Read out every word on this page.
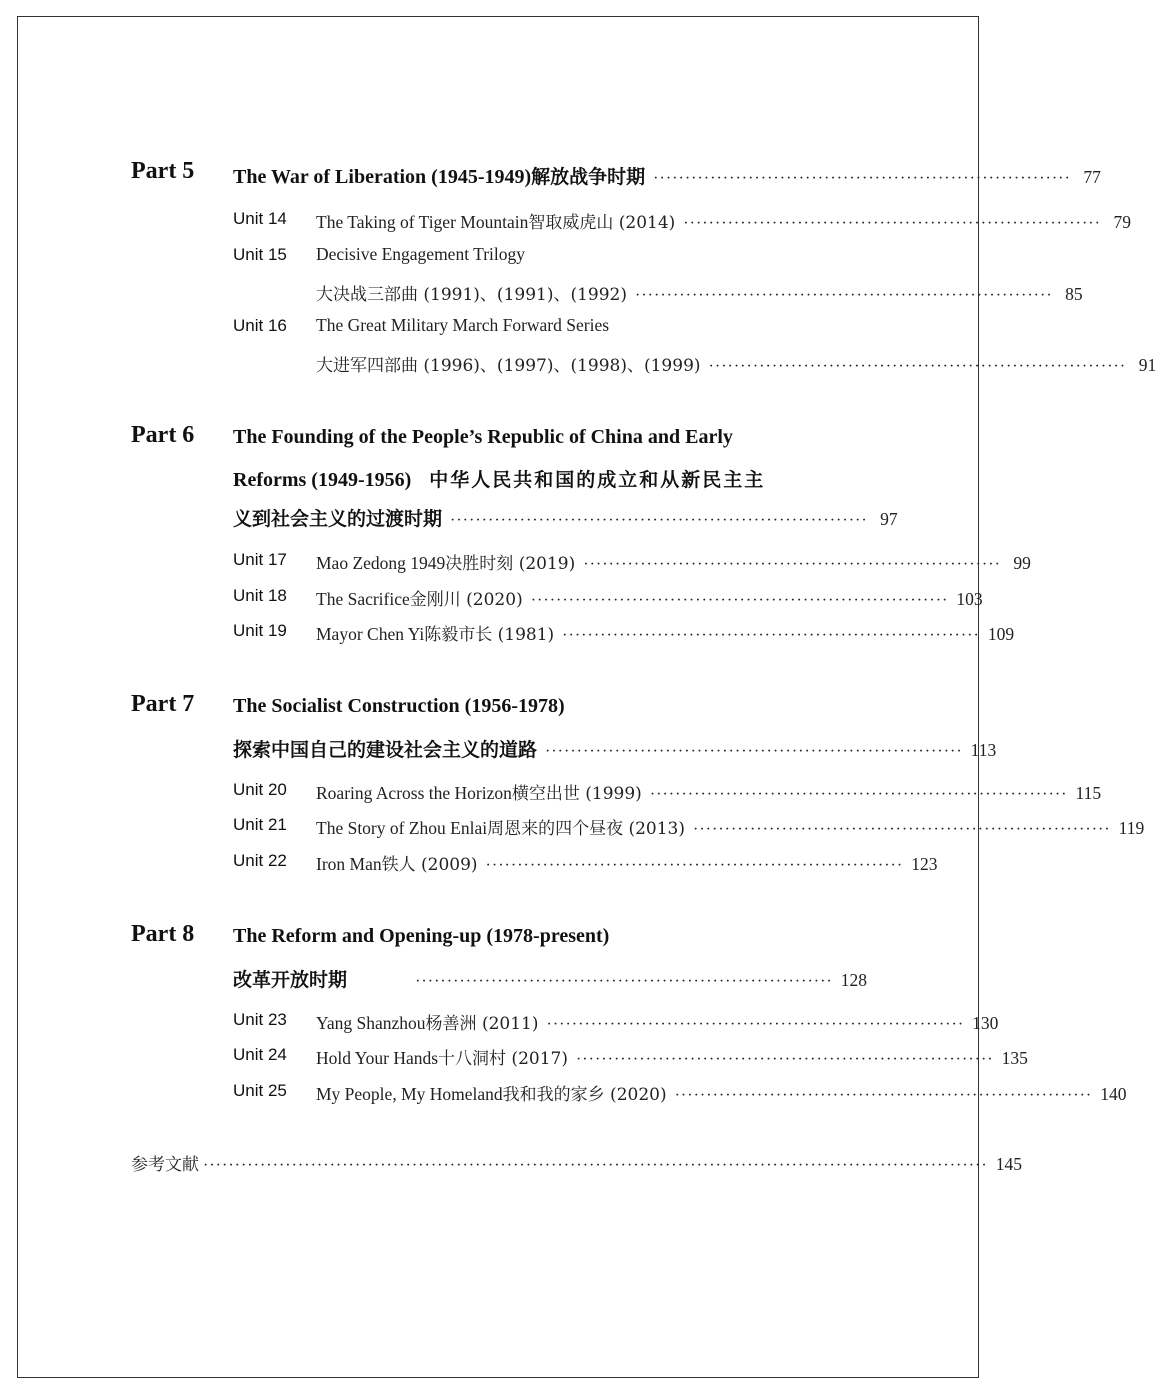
Part 5 The War of Liberation (1945-1949) 解放战争时期 ·································································· 77
Unit 14 The Taking of Tiger Mountain 智取威虎山 (2014) ·································································· 79
Unit 15 Decisive Engagement Trilogy
大决战三部曲 (1991)、(1991)、(1992) ·································································· 85
Unit 16 The Great Military March Forward Series
大进军四部曲 (1996)、(1997)、(1998)、(1999) ·································································· 91
Part 6 The Founding of the People’s Republic of China and Early
Reforms (1949-1956) 中华人民共和国的成立和从新民主主
义到社会主义的过渡时期 ·································································· 97
Unit 17 Mao Zedong 1949 决胜时刻 (2019) ·································································· 99
Unit 18 The Sacrifice 金刚川 (2020) ·································································· 103
Unit 19 Mayor Chen Yi 陈毅市长 (1981) ·································································· 109
Part 7 The Socialist Construction (1956-1978)
探索中国自己的建设社会主义的道路 ·································································· 113
Unit 20 Roaring Across the Horizon 横空出世 (1999) ·································································· 115
Unit 21 The Story of Zhou Enlai 周恩来的四个昼夜 (2013) ·································································· 119
Unit 22 Iron Man 铁人 (2009) ·································································· 123
Part 8 The Reform and Opening-up (1978-present)
改革开放时期	·································································· 128
Unit 23 Yang Shanzhou 杨善洲 (2011) ·································································· 130
Unit 24 Hold Your Hands 十八洞村 (2017) ·································································· 135
Unit 25 My People, My Homeland 我和我的家乡 (2020) ·································································· 140
参考文献 ···························································································································· 145
